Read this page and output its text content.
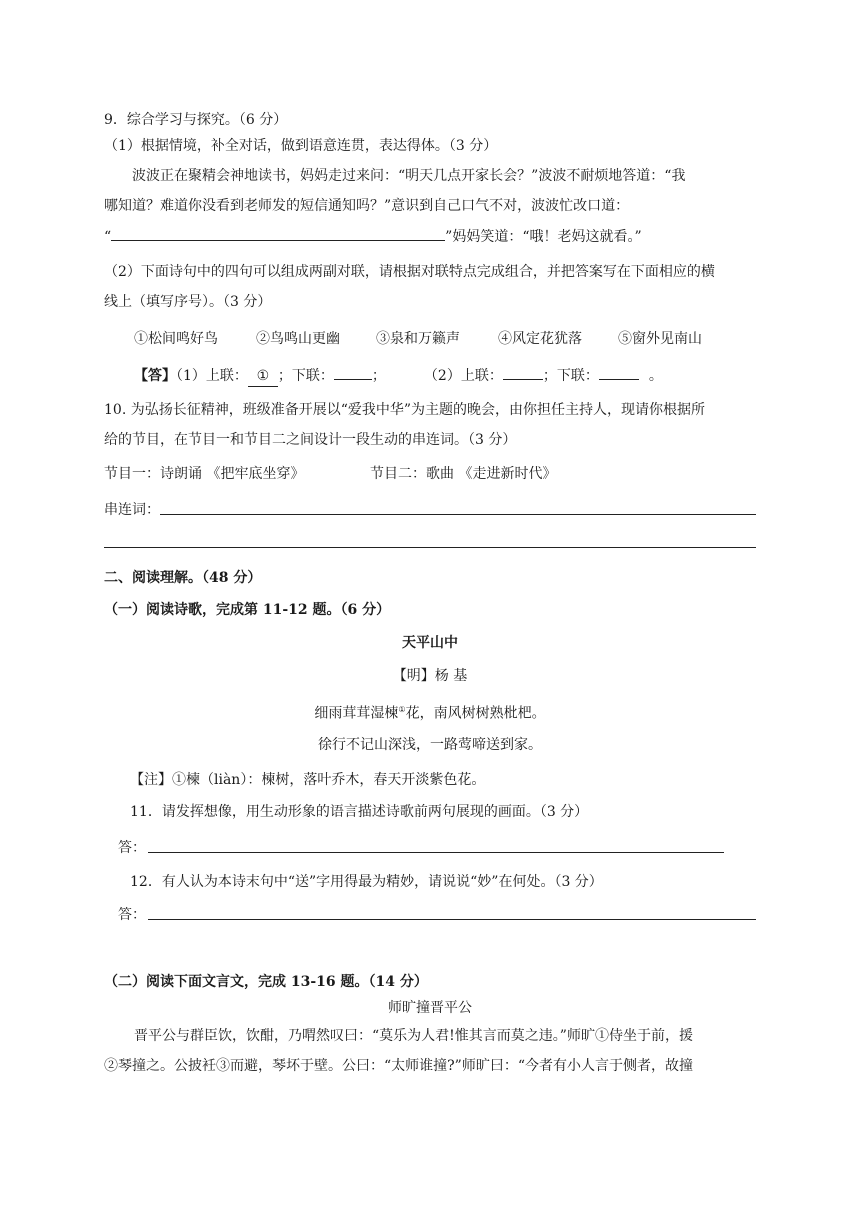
9．综合学习与探究。（6 分）
（1）根据情境，补全对话，做到语意连贯，表达得体。（3 分）
波波正在聚精会神地读书，妈妈走过来问：“明天几点开家长会？”波波不耐烦地答道：“我
哪知道？难道你没看到老师发的短信通知吗？”意识到自己口气不对，波波忙改口道：
“	”妈妈笑道：“哦！老妈这就看。”
（2）下面诗句中的四句可以组成两副对联，请根据对联特点完成组合，并把答案写在下面相应的横
线上（填写序号）。（3 分）
①松间鸣好鸟	②鸟鸣山更幽	③泉和万籁声	④风定花犹落	⑤窗外见南山
【答】（1）上联： ① ；下联：	；	（2）上联：	；下联：	。
10. 为弘扬长征精神，班级准备开展以“爱我中华”为主题的晚会，由你担任主持人，现请你根据所
给的节目，在节目一和节目二之间设计一段生动的串连词。（3 分）
节目一：诗朗诵 《把牢底坐穿》	节目二：歌曲 《走进新时代》
串连词：
二、阅读理解。（48 分）
（一）阅读诗歌，完成第 11-12 题。（6 分）
天平山中
【明】杨 基
细雨茸茸湿楝①花，南风树树熟枇杷。
徐行不记山深浅，一路莺啼送到家。
【注】①楝（liàn）：楝树，落叶乔木，春天开淡紫色花。
11．请发挥想像，用生动形象的语言描述诗歌前两句展现的画面。（3 分）
答：
12．有人认为本诗末句中“送”字用得最为精妙，请说说“妙”在何处。（3 分）
答：
（二）阅读下面文言文，完成 13-16 题。（14 分）
师旷撞晋平公
晋平公与群臣饮，饮酣，乃喟然叹曰：“莫乐为人君!惟其言而莫之违。”师旷①侍坐于前，援
②琴撞之。公披衽③而避，琴坏于壁。公曰：“太师谁撞?”师旷曰：“今者有小人言于侧者，故撞
